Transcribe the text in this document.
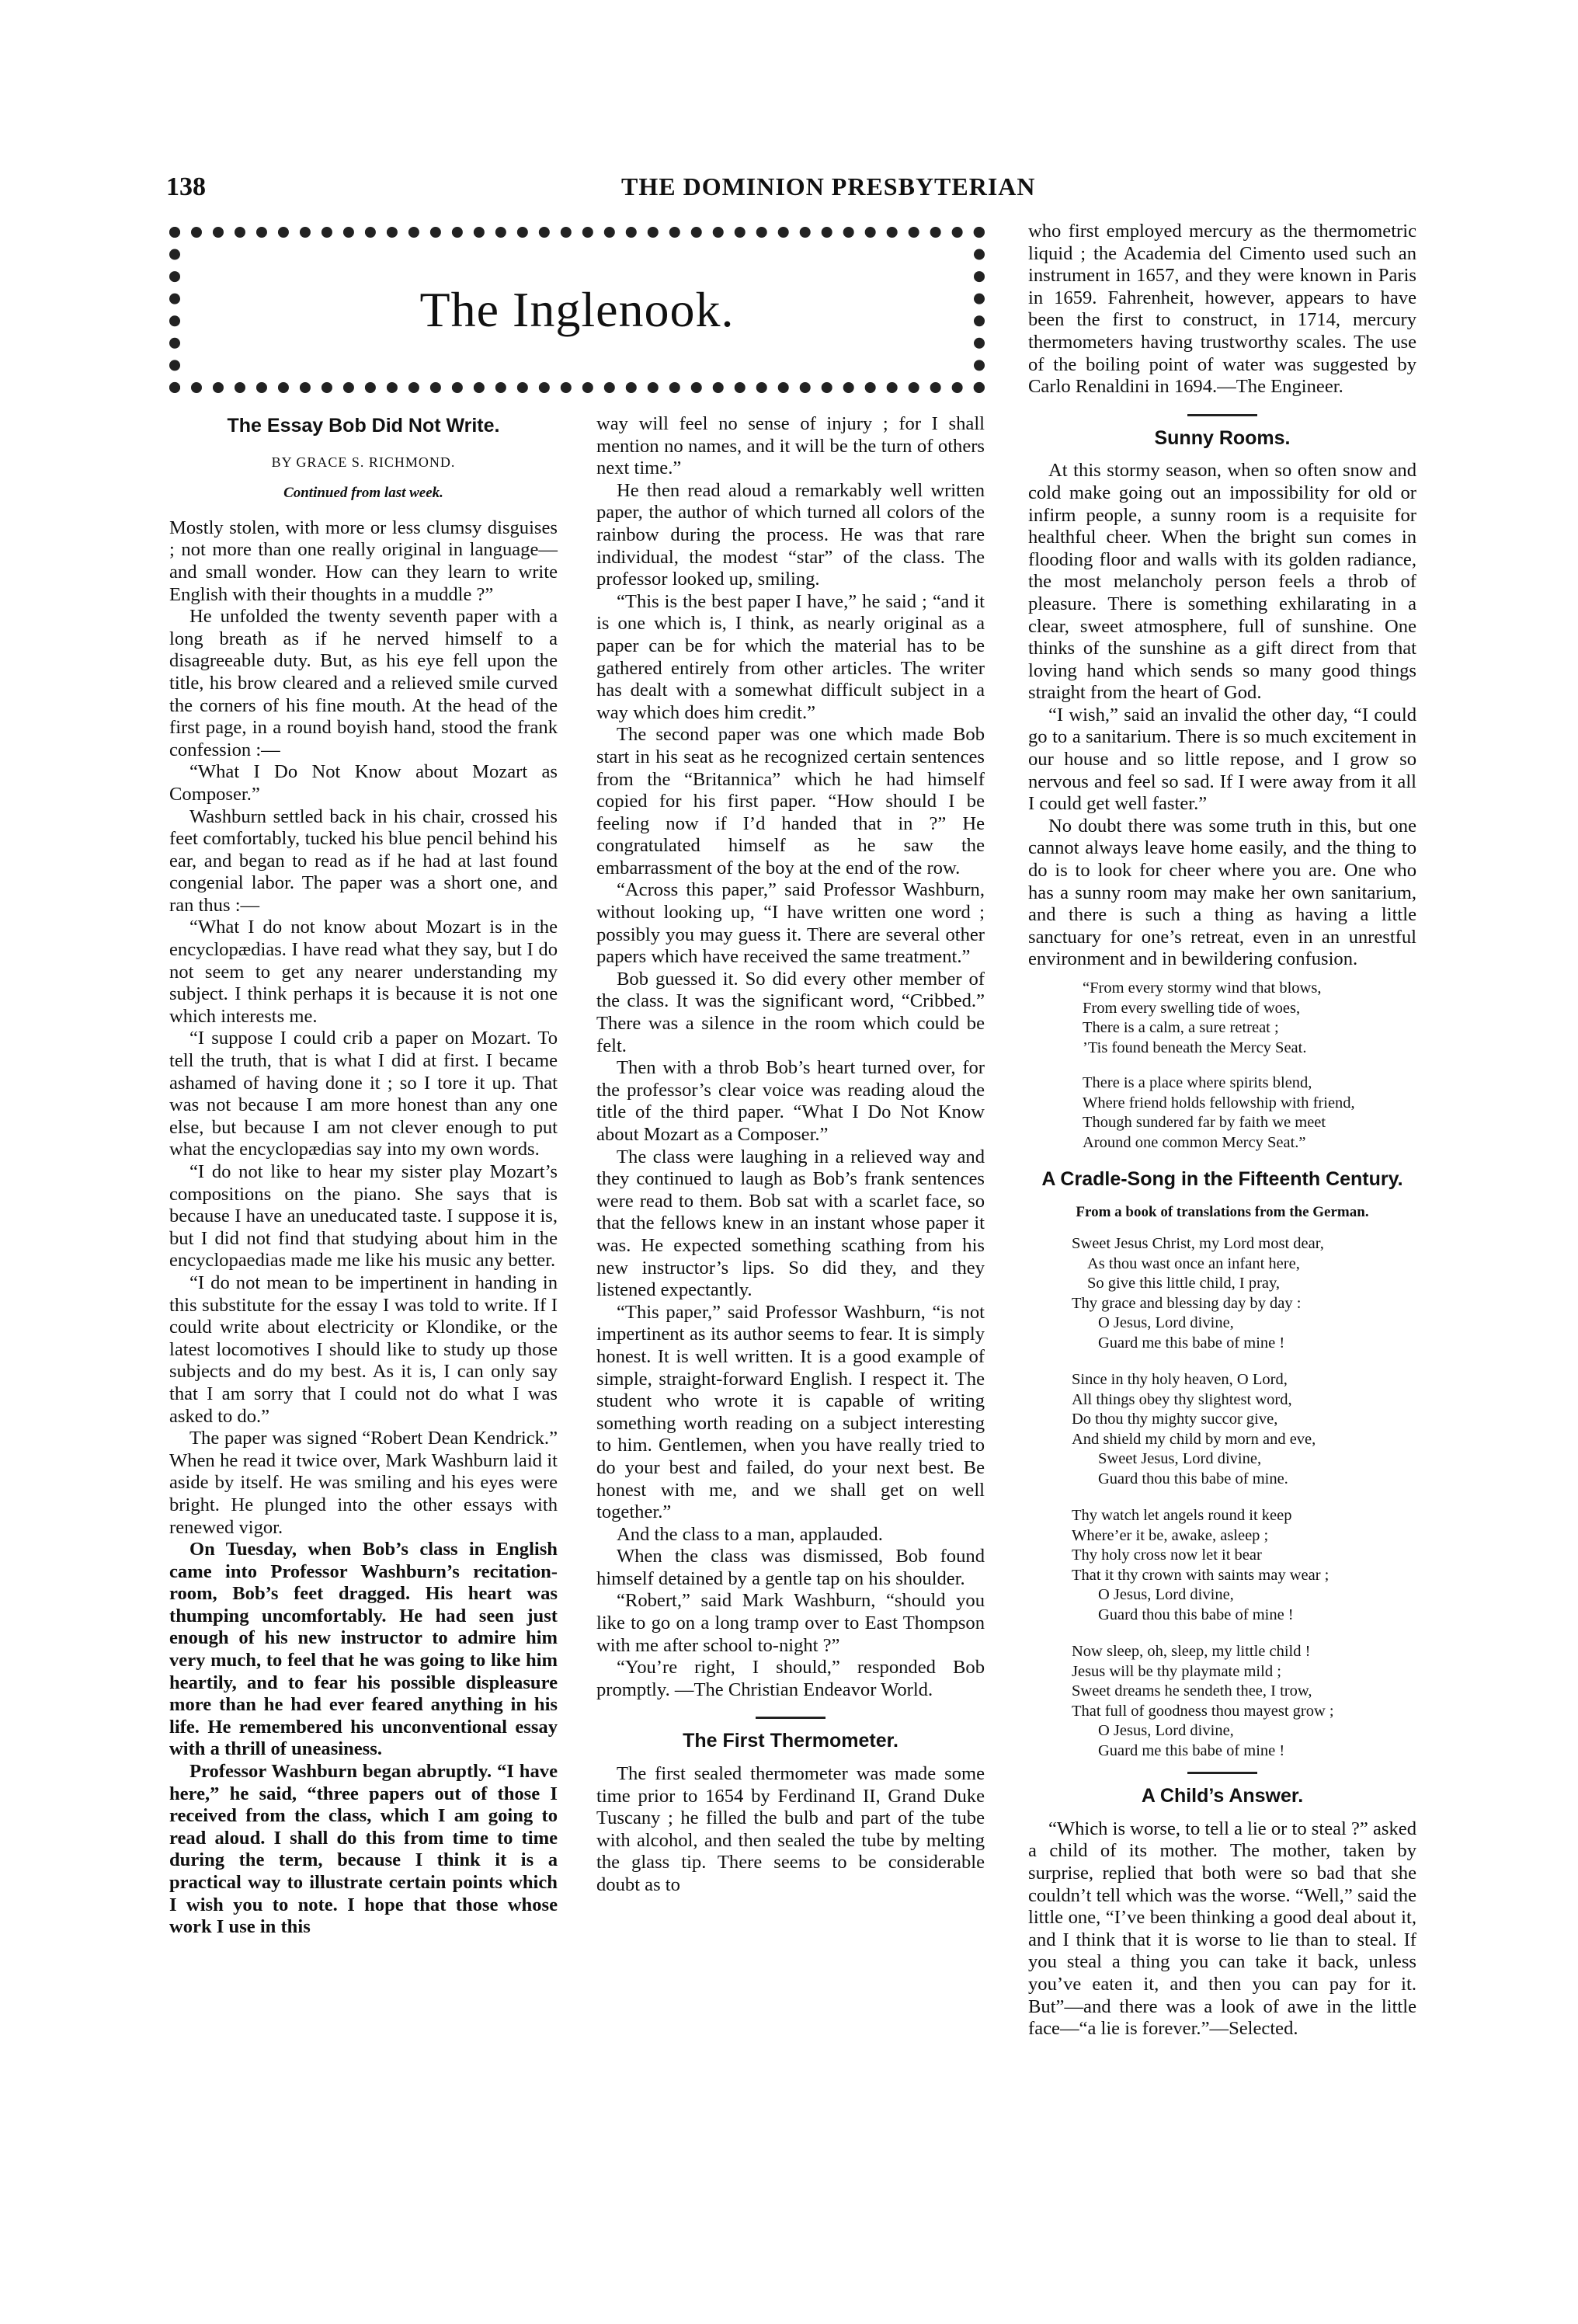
138	THE DOMINION PRESBYTERIAN
The Inglenook.
The Essay Bob Did Not Write.
BY GRACE S. RICHMOND.
Continued from last week.

Mostly stolen, with more or less clumsy disguises ; not more than one really original in language—and small wonder. How can they learn to write English with their thoughts in a muddle ?”

He unfolded the twenty seventh paper with a long breath as if he nerved himself to a disagreeable duty. But, as his eye fell upon the title, his brow cleared and a relieved smile curved the corners of his fine mouth. At the head of the first page, in a round boyish hand, stood the frank confession :—

“What I Do Not Know about Mozart as Composer.”

Washburn settled back in his chair, crossed his feet comfortably, tucked his blue pencil behind his ear, and began to read as if he had at last found congenial labor. The paper was a short one, and ran thus :—

“What I do not know about Mozart is in the encyclopædias. I have read what they say, but I do not seem to get any nearer understanding my subject. I think perhaps it is because it is not one which interests me.

“I suppose I could crib a paper on Mozart. To tell the truth, that is what I did at first. I became ashamed of having done it ; so I tore it up. That was not because I am more honest than any one else, but because I am not clever enough to put what the encyclopædias say into my own words.

“I do not like to hear my sister play Mozart’s compositions on the piano. She says that is because I have an uneducated taste. I suppose it is, but I did not find that studying about him in the encyclopaedias made me like his music any better.

“I do not mean to be impertinent in handing in this substitute for the essay I was told to write. If I could write about electricity or Klondike, or the latest locomotives I should like to study up those subjects and do my best. As it is, I can only say that I am sorry that I could not do what I was asked to do.”

The paper was signed “Robert Dean Kendrick.” When he read it twice over, Mark Washburn laid it aside by itself. He was smiling and his eyes were bright. He plunged into the other essays with renewed vigor.

On Tuesday, when Bob’s class in English came into Professor Washburn’s recitation-room, Bob’s feet dragged. His heart was thumping uncomfortably. He had seen just enough of his new instructor to admire him very much, to feel that he was going to like him heartily, and to fear his possible displeasure more than he had ever feared anything in his life. He remembered his unconventional essay with a thrill of uneasiness.

Professor Washburn began abruptly. “I have here,” he said, “three papers out of those I received from the class, which I am going to read aloud. I shall do this from time to time during the term, because I think it is a practical way to illustrate certain points which I wish you to note. I hope that those whose work I use in this

way will feel no sense of injury ; for I shall mention no names, and it will be the turn of others next time.”

He then read aloud a remarkably well written paper, the author of which turned all colors of the rainbow during the process. He was that rare individual, the modest “star” of the class. The professor looked up, smiling.

“This is the best paper I have,” he said ; “and it is one which is, I think, as nearly original as a paper can be for which the material has to be gathered entirely from other articles. The writer has dealt with a somewhat difficult subject in a way which does him credit.”

The second paper was one which made Bob start in his seat as he recognized certain sentences from the “Britannica” which he had himself copied for his first paper. “How should I be feeling now if I’d handed that in ?” He congratulated himself as he saw the embarrassment of the boy at the end of the row.

“Across this paper,” said Professor Washburn, without looking up, “I have written one word ; possibly you may guess it. There are several other papers which have received the same treatment.”

Bob guessed it. So did every other member of the class. It was the significant word, “Cribbed.” There was a silence in the room which could be felt.

Then with a throb Bob’s heart turned over, for the professor’s clear voice was reading aloud the title of the third paper. “What I Do Not Know about Mozart as a Composer.”

The class were laughing in a relieved way and they continued to laugh as Bob’s frank sentences were read to them. Bob sat with a scarlet face, so that the fellows knew in an instant whose paper it was. He expected something scathing from his new instructor’s lips. So did they, and they listened expectantly.

“This paper,” said Professor Washburn, “is not impertinent as its author seems to fear. It is simply honest. It is well written. It is a good example of simple, straight-forward English. I respect it. The student who wrote it is capable of writing something worth reading on a subject interesting to him. Gentlemen, when you have really tried to do your best and failed, do your next best. Be honest with me, and we shall get on well together.”

And the class to a man, applauded.

When the class was dismissed, Bob found himself detained by a gentle tap on his shoulder.

“Robert,” said Mark Washburn, “should you like to go on a long tramp over to East Thompson with me after school to-night ?”

“You’re right, I should,” responded Bob promptly. —The Christian Endeavor World.

The First Thermometer.

The first sealed thermometer was made some time prior to 1654 by Ferdinand II, Grand Duke Tuscany ; he filled the bulb and part of the tube with alcohol, and then sealed the tube by melting the glass tip. There seems to be considerable doubt as to

who first employed mercury as the thermometric liquid ; the Academia del Cimento used such an instrument in 1657, and they were known in Paris in 1659. Fahrenheit, however, appears to have been the first to construct, in 1714, mercury thermometers having trustworthy scales. The use of the boiling point of water was suggested by Carlo Renaldini in 1694.—The Engineer.

Sunny Rooms.

At this stormy season, when so often snow and cold make going out an impossibility for old or infirm people, a sunny room is a requisite for healthful cheer. When the bright sun comes in flooding floor and walls with its golden radiance, the most melancholy person feels a throb of pleasure. There is something exhilarating in a clear, sweet atmosphere, full of sunshine. One thinks of the sunshine as a gift direct from that loving hand which sends so many good things straight from the heart of God.

“I wish,” said an invalid the other day, “I could go to a sanitarium. There is so much excitement in our house and so little repose, and I grow so nervous and feel so sad. If I were away from it all I could get well faster.”

No doubt there was some truth in this, but one cannot always leave home easily, and the thing to do is to look for cheer where you are. One who has a sunny room may make her own sanitarium, and there is such a thing as having a little sanctuary for one’s retreat, even in an unrestful environment and in bewildering confusion.

“From every stormy wind that blows,
From every swelling tide of woes,
There is a calm, a sure retreat ;
’Tis found beneath the Mercy Seat.
There is a place where spirits blend,
Where friend holds fellowship with friend,
Though sundered far by faith we meet
Around one common Mercy Seat.”
A Cradle-Song in the Fifteenth Century.
From a book of translations from the German.
Sweet Jesus Christ, my Lord most dear,
As thou wast once an infant here,
So give this little child, I pray,
Thy grace and blessing day by day :
O Jesus, Lord divine,
Guard me this babe of mine !
Since in thy holy heaven, O Lord,
All things obey thy slightest word,
Do thou thy mighty succor give,
And shield my child by morn and eve,
Sweet Jesus, Lord divine,
Guard thou this babe of mine.
Thy watch let angels round it keep
Where’er it be, awake, asleep ;
Thy holy cross now let it bear
That it thy crown with saints may wear ;
O Jesus, Lord divine,
Guard thou this babe of mine !
Now sleep, oh, sleep, my little child !
Jesus will be thy playmate mild ;
Sweet dreams he sendeth thee, I trow,
That full of goodness thou mayest grow ;
O Jesus, Lord divine,
Guard me this babe of mine !
A Child’s Answer.

“Which is worse, to tell a lie or to steal ?” asked a child of its mother. The mother, taken by surprise, replied that both were so bad that she couldn’t tell which was the worse. “Well,” said the little one, “I’ve been thinking a good deal about it, and I think that it is worse to lie than to steal. If you steal a thing you can take it back, unless you’ve eaten it, and then you can pay for it. But”—and there was a look of awe in the little face—“a lie is forever.”—Selected.
